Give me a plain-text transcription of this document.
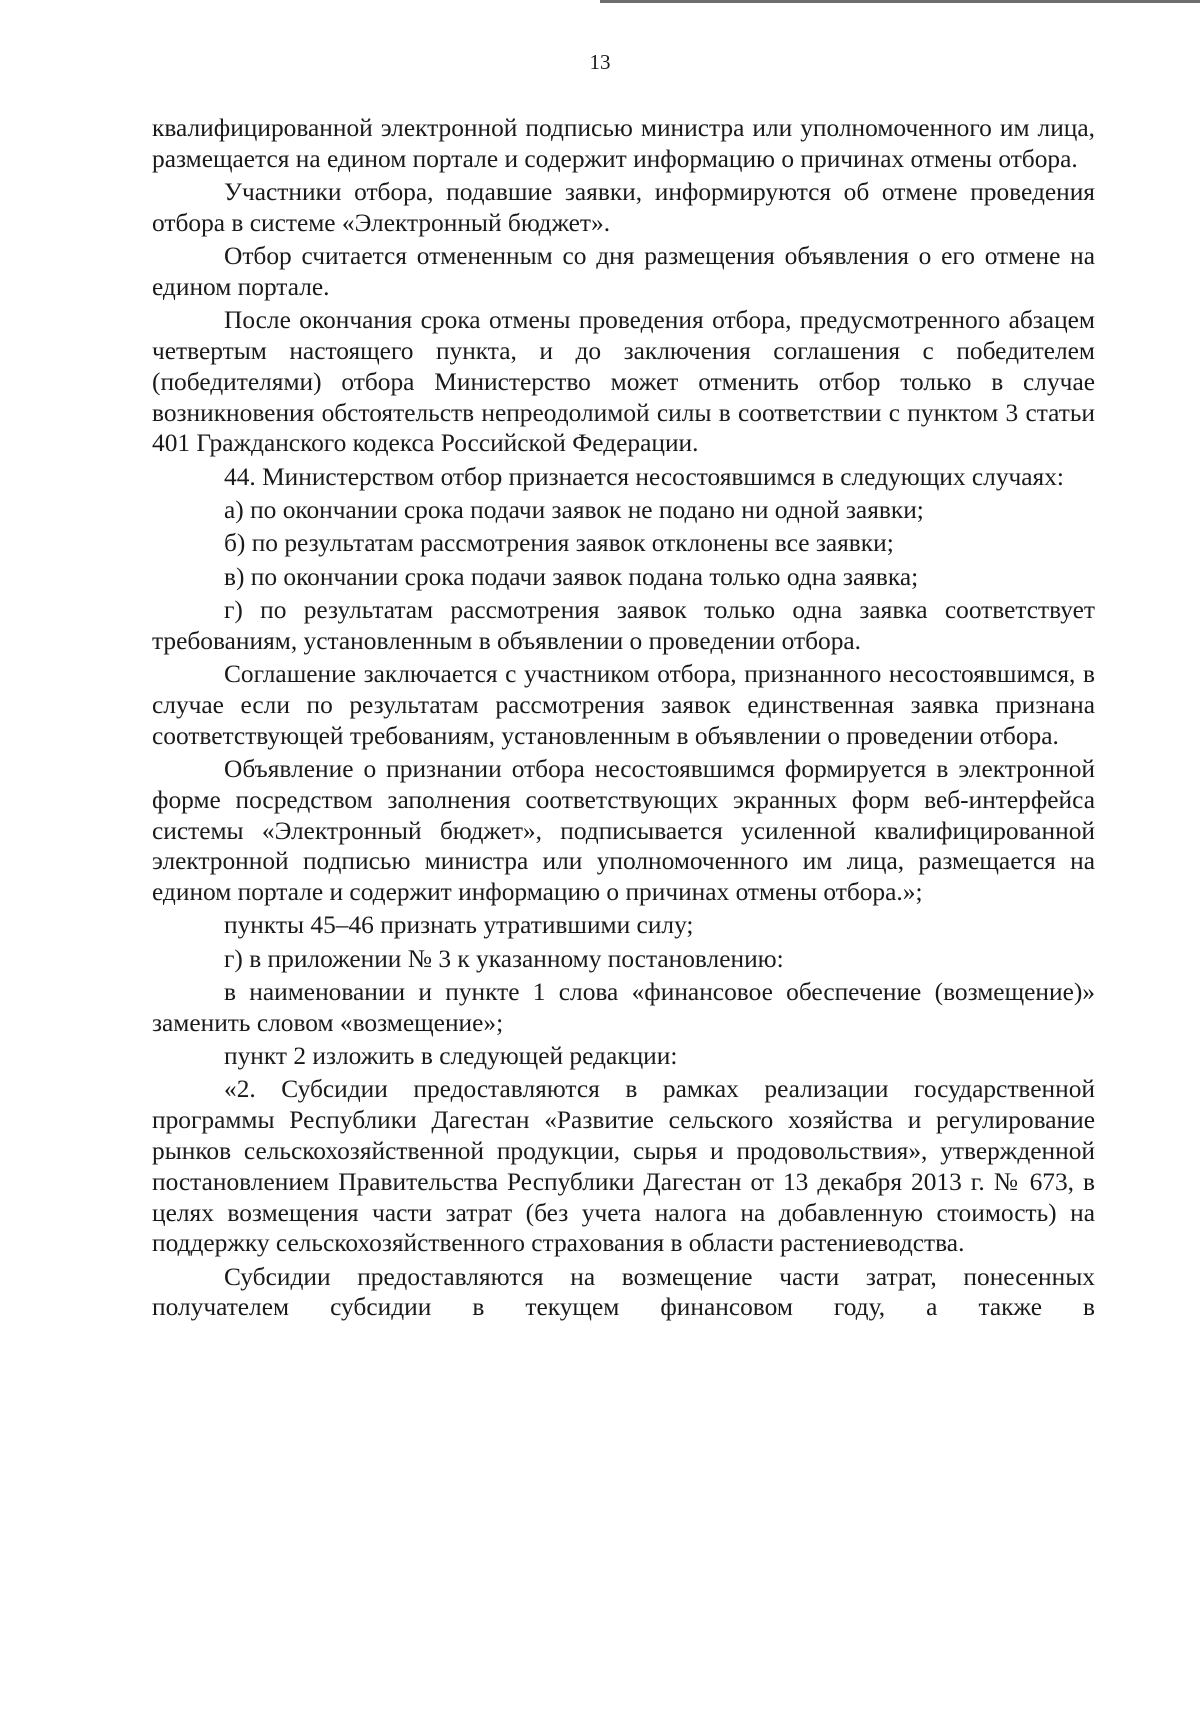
13

квалифицированной электронной подписью министра или уполномоченного им лица, размещается на едином портале и содержит информацию о причинах отмены отбора.

Участники отбора, подавшие заявки, информируются об отмене проведения отбора в системе «Электронный бюджет».

Отбор считается отмененным со дня размещения объявления о его отмене на едином портале.

После окончания срока отмены проведения отбора, предусмотренного абзацем четвертым настоящего пункта, и до заключения соглашения с победителем (победителями) отбора Министерство может отменить отбор только в случае возникновения обстоятельств непреодолимой силы в соответствии с пунктом 3 статьи 401 Гражданского кодекса Российской Федерации.

44. Министерством отбор признается несостоявшимся в следующих случаях:

а) по окончании срока подачи заявок не подано ни одной заявки;

б) по результатам рассмотрения заявок отклонены все заявки;

в) по окончании срока подачи заявок подана только одна заявка;

г) по результатам рассмотрения заявок только одна заявка соответствует требованиям, установленным в объявлении о проведении отбора.

Соглашение заключается с участником отбора, признанного несостоявшимся, в случае если по результатам рассмотрения заявок единственная заявка признана соответствующей требованиям, установленным в объявлении о проведении отбора.

Объявление о признании отбора несостоявшимся формируется в электронной форме посредством заполнения соответствующих экранных форм веб-интерфейса системы «Электронный бюджет», подписывается усиленной квалифицированной электронной подписью министра или уполномоченного им лица, размещается на едином портале и содержит информацию о причинах отмены отбора.»;

пункты 45–46 признать утратившими силу;

г) в приложении № 3 к указанному постановлению:

в наименовании и пункте 1 слова «финансовое обеспечение (возмещение)» заменить словом «возмещение»;

пункт 2 изложить в следующей редакции:

«2. Субсидии предоставляются в рамках реализации государственной программы Республики Дагестан «Развитие сельского хозяйства и регулирование рынков сельскохозяйственной продукции, сырья и продовольствия», утвержденной постановлением Правительства Республики Дагестан от 13 декабря 2013 г. № 673, в целях возмещения части затрат (без учета налога на добавленную стоимость) на поддержку сельскохозяйственного страхования в области растениеводства.

Субсидии предоставляются на возмещение части затрат, понесенных получателем субсидии в текущем финансовом году, а также в
